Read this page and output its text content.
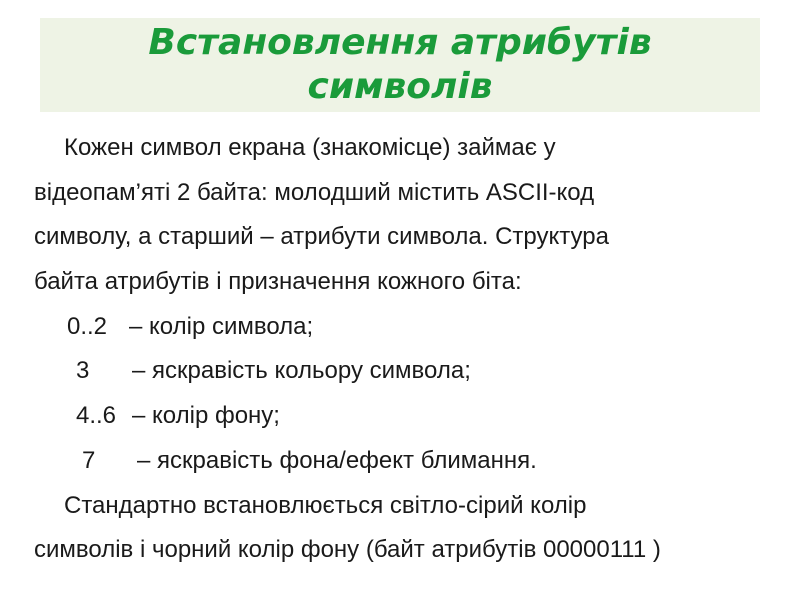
Встановлення атрибутів
символів
Кожен символ екрана (знакомісце) займає у
відеопам’яті 2 байта: молодший містить ASCII-код
символу, а старший – атрибути символа. Структура
байта атрибутів і призначення кожного біта:
0..2 – колір символа;
3 – яскравість кольору символа;
4..6 – колір фону;
7 – яскравість фона/ефект блимання.
Стандартно встановлюється світло-сірий колір
символів і чорний колір фону (байт атрибутів 00000111 )
